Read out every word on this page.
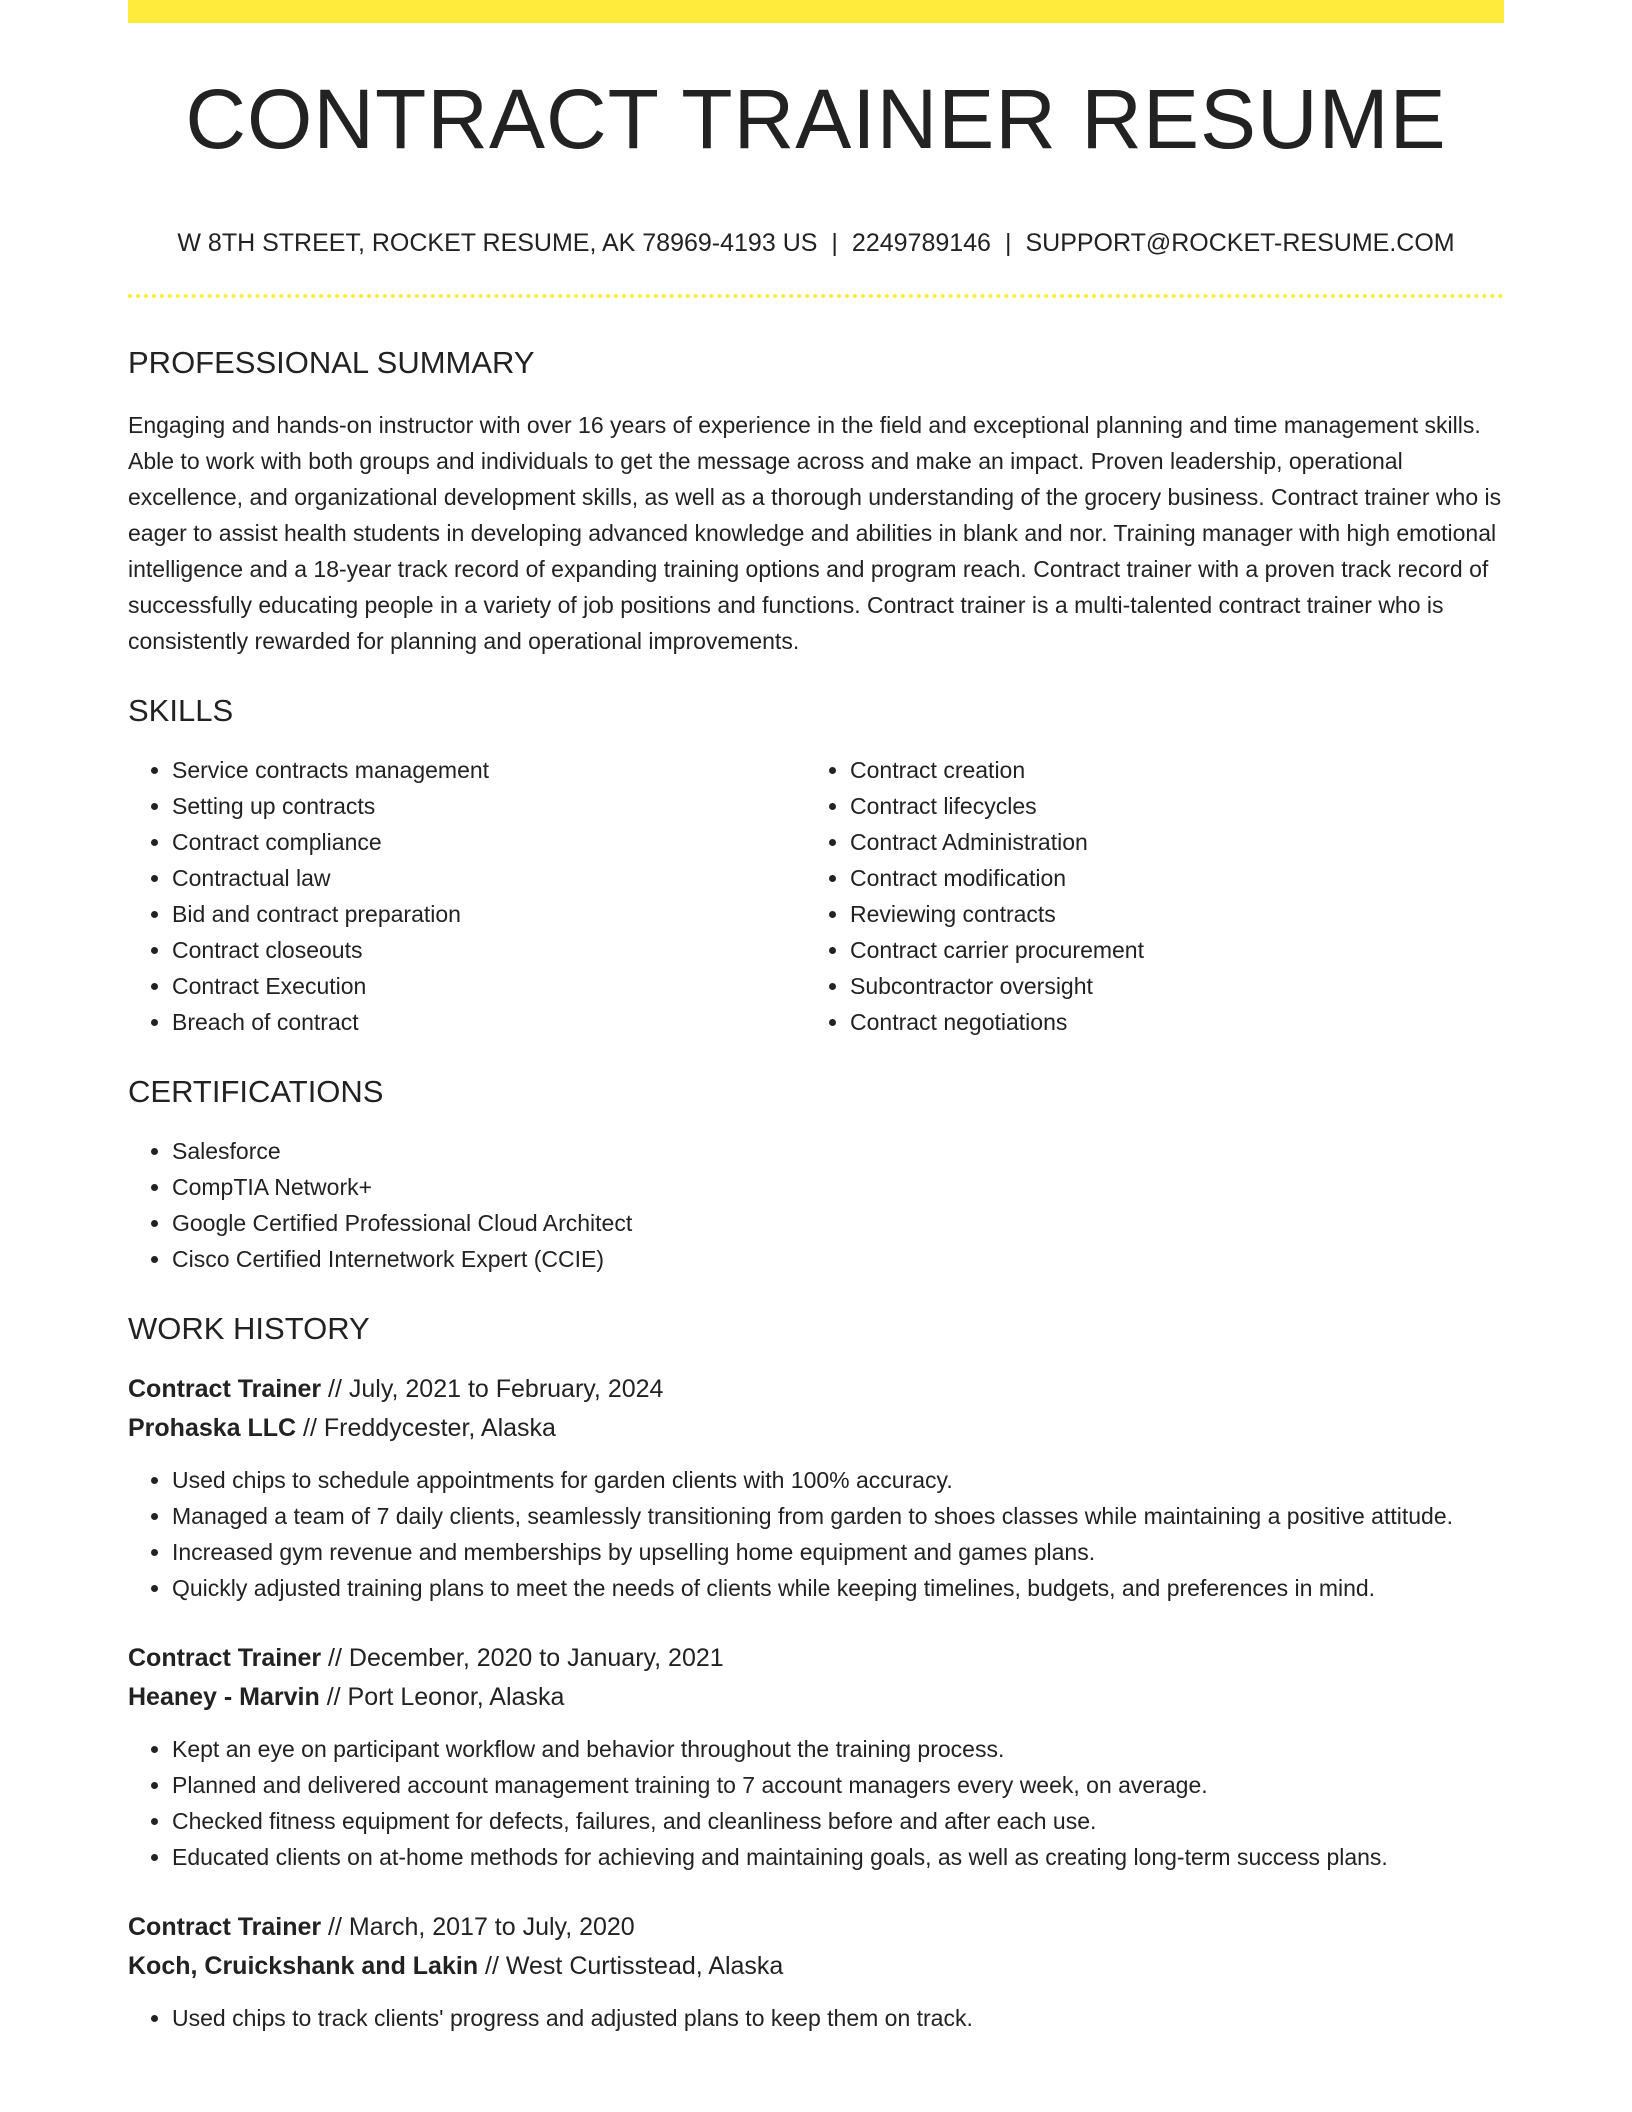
CONTRACT TRAINER RESUME
W 8TH STREET, ROCKET RESUME, AK 78969-4193 US | 2249789146 | SUPPORT@ROCKET-RESUME.COM
PROFESSIONAL SUMMARY

Engaging and hands-on instructor with over 16 years of experience in the field and exceptional planning and time management skills. Able to work with both groups and individuals to get the message across and make an impact. Proven leadership, operational excellence, and organizational development skills, as well as a thorough understanding of the grocery business. Contract trainer who is eager to assist health students in developing advanced knowledge and abilities in blank and nor. Training manager with high emotional intelligence and a 18-year track record of expanding training options and program reach. Contract trainer with a proven track record of successfully educating people in a variety of job positions and functions. Contract trainer is a multi-talented contract trainer who is consistently rewarded for planning and operational improvements.

SKILLS
• Service contracts management
• Setting up contracts
• Contract compliance
• Contractual law
• Bid and contract preparation
• Contract closeouts
• Contract Execution
• Breach of contract
• Contract creation
• Contract lifecycles
• Contract Administration
• Contract modification
• Reviewing contracts
• Contract carrier procurement
• Subcontractor oversight
• Contract negotiations
CERTIFICATIONS
• Salesforce
• CompTIA Network+
• Google Certified Professional Cloud Architect
• Cisco Certified Internetwork Expert (CCIE)
WORK HISTORY
Contract Trainer // July, 2021 to February, 2024
Prohaska LLC // Freddycester, Alaska
• Used chips to schedule appointments for garden clients with 100% accuracy.
• Managed a team of 7 daily clients, seamlessly transitioning from garden to shoes classes while maintaining a positive attitude.
• Increased gym revenue and memberships by upselling home equipment and games plans.
• Quickly adjusted training plans to meet the needs of clients while keeping timelines, budgets, and preferences in mind.
Contract Trainer // December, 2020 to January, 2021
Heaney - Marvin // Port Leonor, Alaska
• Kept an eye on participant workflow and behavior throughout the training process.
• Planned and delivered account management training to 7 account managers every week, on average.
• Checked fitness equipment for defects, failures, and cleanliness before and after each use.
• Educated clients on at-home methods for achieving and maintaining goals, as well as creating long-term success plans.
Contract Trainer // March, 2017 to July, 2020
Koch, Cruickshank and Lakin // West Curtisstead, Alaska
• Used chips to track clients' progress and adjusted plans to keep them on track.
